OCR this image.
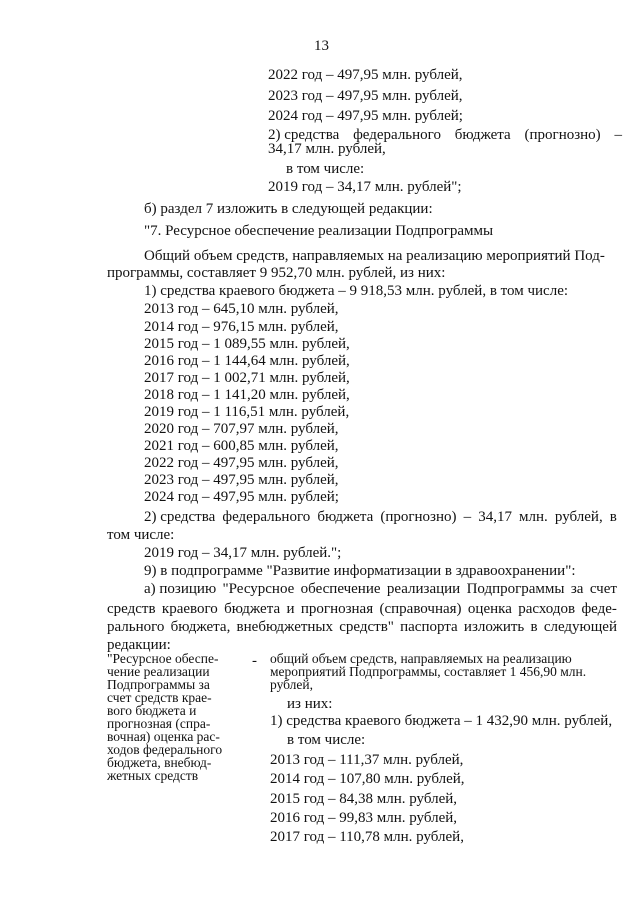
13
2022 год – 497,95 млн. рублей,
2023 год – 497,95 млн. рублей,
2024 год – 497,95 млн. рублей;
2) средства федерального бюджета (прогнозно) –
34,17 млн. рублей,
в том числе:
2019 год – 34,17 млн. рублей";
б) раздел 7 изложить в следующей редакции:
"7. Ресурсное обеспечение реализации Подпрограммы
Общий объем средств, направляемых на реализацию мероприятий Под-
программы, составляет 9 952,70 млн. рублей, из них:
1) средства краевого бюджета – 9 918,53 млн. рублей, в том числе:
2013 год – 645,10 млн. рублей,
2014 год – 976,15 млн. рублей,
2015 год – 1 089,55 млн. рублей,
2016 год – 1 144,64 млн. рублей,
2017 год – 1 002,71 млн. рублей,
2018 год – 1 141,20 млн. рублей,
2019 год – 1 116,51 млн. рублей,
2020 год – 707,97 млн. рублей,
2021 год – 600,85 млн. рублей,
2022 год – 497,95 млн. рублей,
2023 год – 497,95 млн. рублей,
2024 год – 497,95 млн. рублей;
2) средства федерального бюджета (прогнозно) – 34,17 млн. рублей, в
том числе:
2019 год – 34,17 млн. рублей.";
9) в подпрограмме "Развитие информатизации в здравоохранении":
а) позицию "Ресурсное обеспечение реализации Подпрограммы за счет
средств краевого бюджета и прогнозная (справочная) оценка расходов феде-
рального бюджета, внебюджетных средств" паспорта изложить в следующей
редакции:
"Ресурсное обеспе-
чение реализации
Подпрограммы за
счет средств крае-
вого бюджета и
прогнозная (спра-
вочная) оценка рас-
ходов федерального
бюджета, внебюд-
жетных средств
- общий объем средств, направляемых на реализацию
мероприятий Подпрограммы, составляет 1 456,90 млн.
рублей,
из них:
1) средства краевого бюджета – 1 432,90 млн. рублей,
в том числе:
2013 год – 111,37 млн. рублей,
2014 год – 107,80 млн. рублей,
2015 год – 84,38 млн. рублей,
2016 год – 99,83 млн. рублей,
2017 год – 110,78 млн. рублей,
